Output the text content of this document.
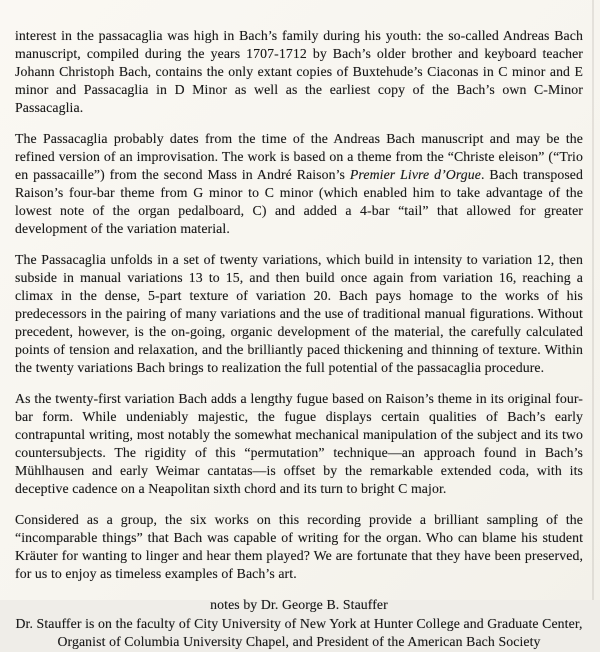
interest in the passacaglia was high in Bach’s family during his youth: the so-called Andreas Bach manuscript, compiled during the years 1707-1712 by Bach’s older brother and keyboard teacher Johann Christoph Bach, contains the only extant copies of Buxtehude’s Ciaconas in C minor and E minor and Passacaglia in D Minor as well as the earliest copy of the Bach’s own C-Minor Passacaglia.

The Passacaglia probably dates from the time of the Andreas Bach manuscript and may be the refined version of an improvisation. The work is based on a theme from the “Christe eleison” (“Trio en passacaille”) from the second Mass in André Raison’s Premier Livre d’Orgue. Bach transposed Raison’s four-bar theme from G minor to C minor (which enabled him to take advantage of the lowest note of the organ pedalboard, C) and added a 4-bar “tail” that allowed for greater development of the variation material.

The Passacaglia unfolds in a set of twenty variations, which build in intensity to variation 12, then subside in manual variations 13 to 15, and then build once again from variation 16, reaching a climax in the dense, 5-part texture of variation 20. Bach pays homage to the works of his predecessors in the pairing of many variations and the use of traditional manual figurations. Without precedent, however, is the on-going, organic development of the material, the carefully calculated points of tension and relaxation, and the brilliantly paced thickening and thinning of texture. Within the twenty variations Bach brings to realization the full potential of the passacaglia procedure.

As the twenty-first variation Bach adds a lengthy fugue based on Raison’s theme in its original four-bar form. While undeniably majestic, the fugue displays certain qualities of Bach’s early contrapuntal writing, most notably the somewhat mechanical manipulation of the subject and its two countersubjects. The rigidity of this “permutation” technique—an approach found in Bach’s Mühlhausen and early Weimar cantatas—is offset by the remarkable extended coda, with its deceptive cadence on a Neapolitan sixth chord and its turn to bright C major.

Considered as a group, the six works on this recording provide a brilliant sampling of the “incomparable things” that Bach was capable of writing for the organ. Who can blame his student Kräuter for wanting to linger and hear them played? We are fortunate that they have been preserved, for us to enjoy as timeless examples of Bach’s art.

notes by Dr. George B. Stauffer
Dr. Stauffer is on the faculty of City University of New York at Hunter College and Graduate Center,
Organist of Columbia University Chapel, and President of the American Bach Society
